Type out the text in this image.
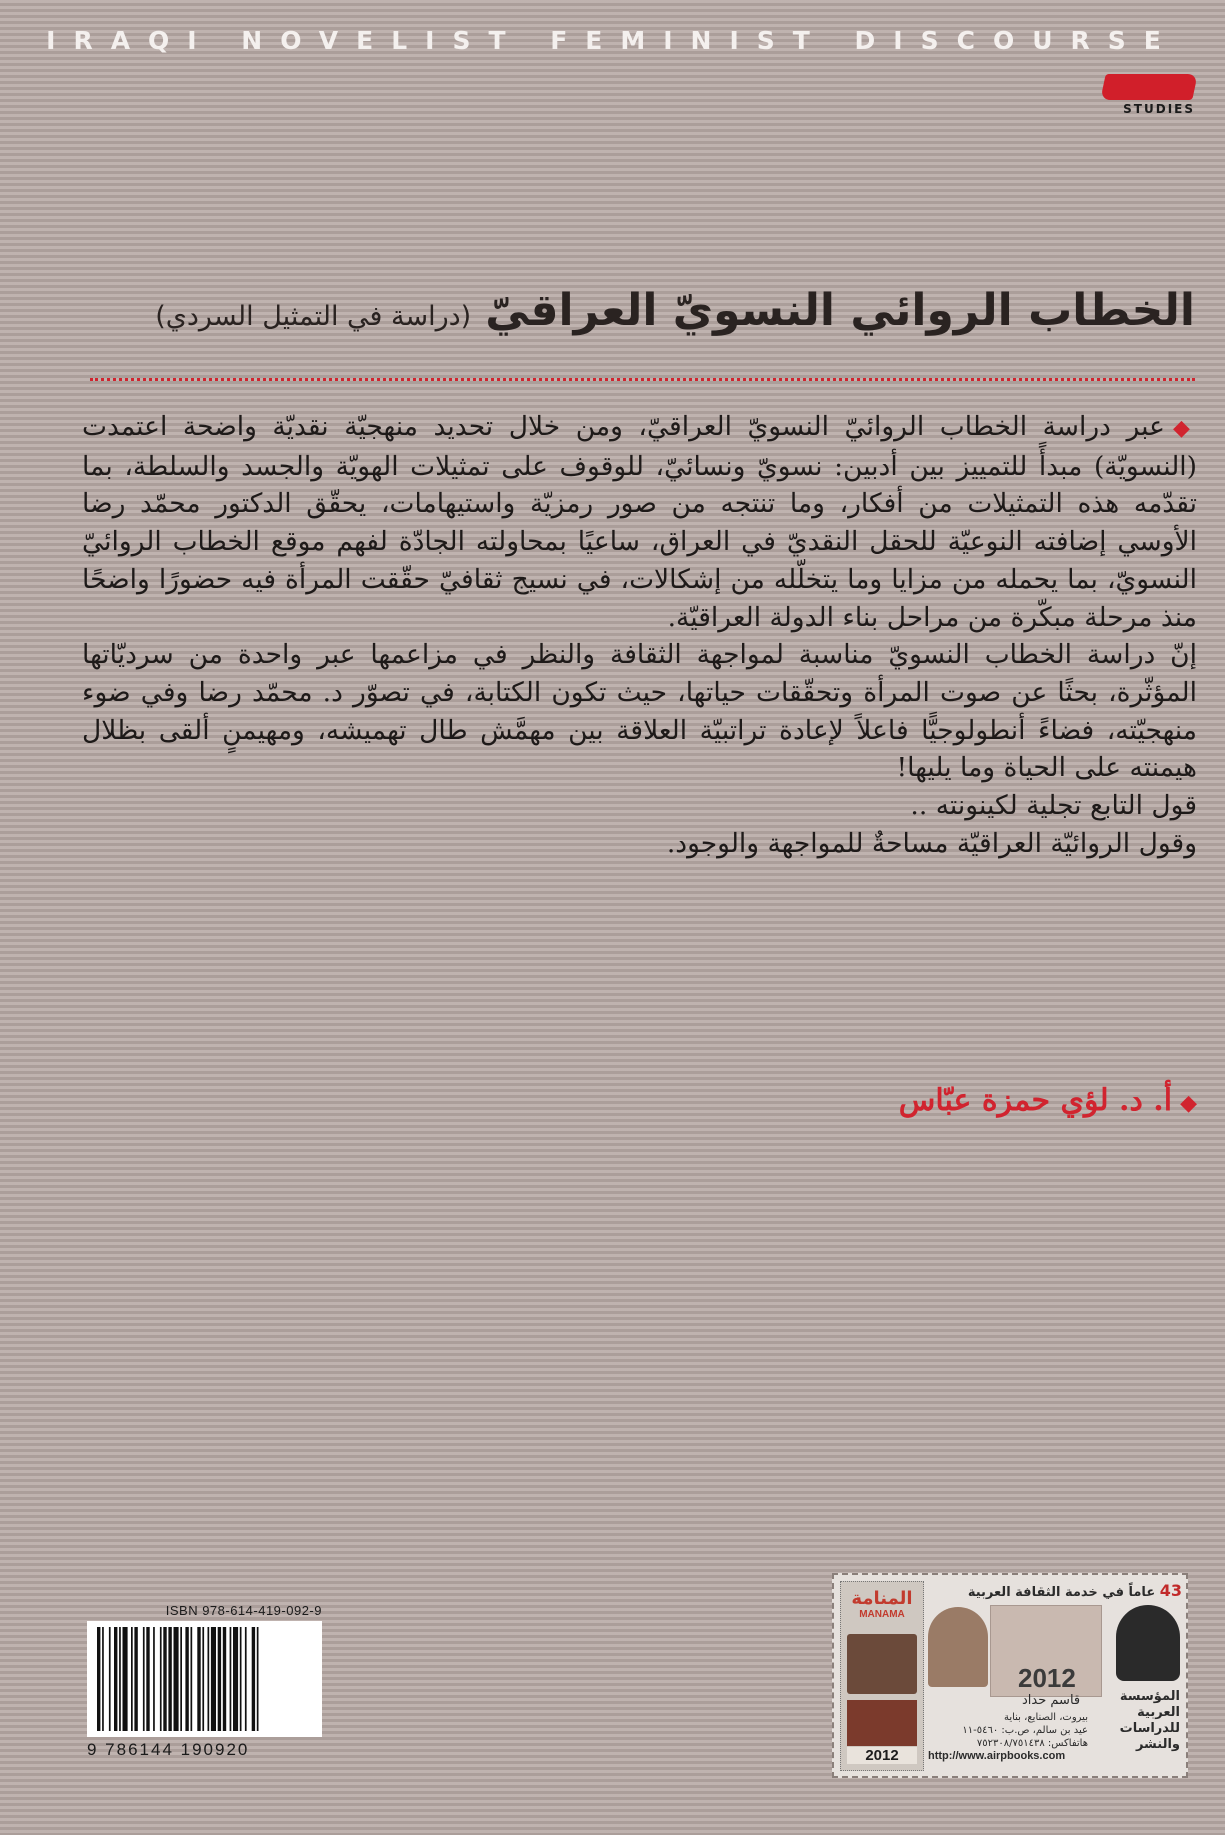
IRAQI NOVELIST FEMINIST DISCOURSE
STUDIES
الخطاب الروائي النسويّ العراقيّ(دراسة في التمثيل السردي)

◆عبر دراسة الخطاب الروائيّ النسويّ العراقيّ، ومن خلال تحديد منهجيّة نقديّة واضحة اعتمدت (النسويّة) مبدأً للتمييز بين أدبين: نسويّ ونسائيّ، للوقوف على تمثيلات الهويّة والجسد والسلطة، بما تقدّمه هذه التمثيلات من أفكار، وما تنتجه من صور رمزيّة واستيهامات، يحقّق الدكتور محمّد رضا الأوسي إضافته النوعيّة للحقل النقديّ في العراق، ساعيًا بمحاولته الجادّة لفهم موقع الخطاب الروائيّ النسويّ، بما يحمله من مزايا وما يتخلّله من إشكالات، في نسيج ثقافيّ حقّقت المرأة فيه حضورًا واضحًا منذ مرحلة مبكّرة من مراحل بناء الدولة العراقيّة.

إنّ دراسة الخطاب النسويّ مناسبة لمواجهة الثقافة والنظر في مزاعمها عبر واحدة من سرديّاتها المؤثّرة، بحثًا عن صوت المرأة وتحقّقات حياتها، حيث تكون الكتابة، في تصوّر د. محمّد رضا وفي ضوء منهجيّته، فضاءً أنطولوجيًّا فاعلاً لإعادة تراتبيّة العلاقة بين مهمَّش طال تهميشه، ومهيمنٍ ألقى بظلال هيمنته على الحياة وما يليها!

قول التابع تجلية لكينونته ..

وقول الروائيّة العراقيّة مساحةٌ للمواجهة والوجود.

◆أ. د. لؤي حمزة عبّاس
ISBN 978-614-419-092-9
9 786144 190920
المنامة
MANAMA
2012
43 عاماً في خدمة الثقافة العربية
2012
قاسم حداد	المؤسسة
العربية
للدراسات
والنشر
بيروت، الصنايع، بناية
عيد بن سالم، ص.ب: ٥٤٦٠-١١
هاتفاكس: ٧٥٢٣٠٨/٧٥١٤٣٨
http://www.airpbooks.com
